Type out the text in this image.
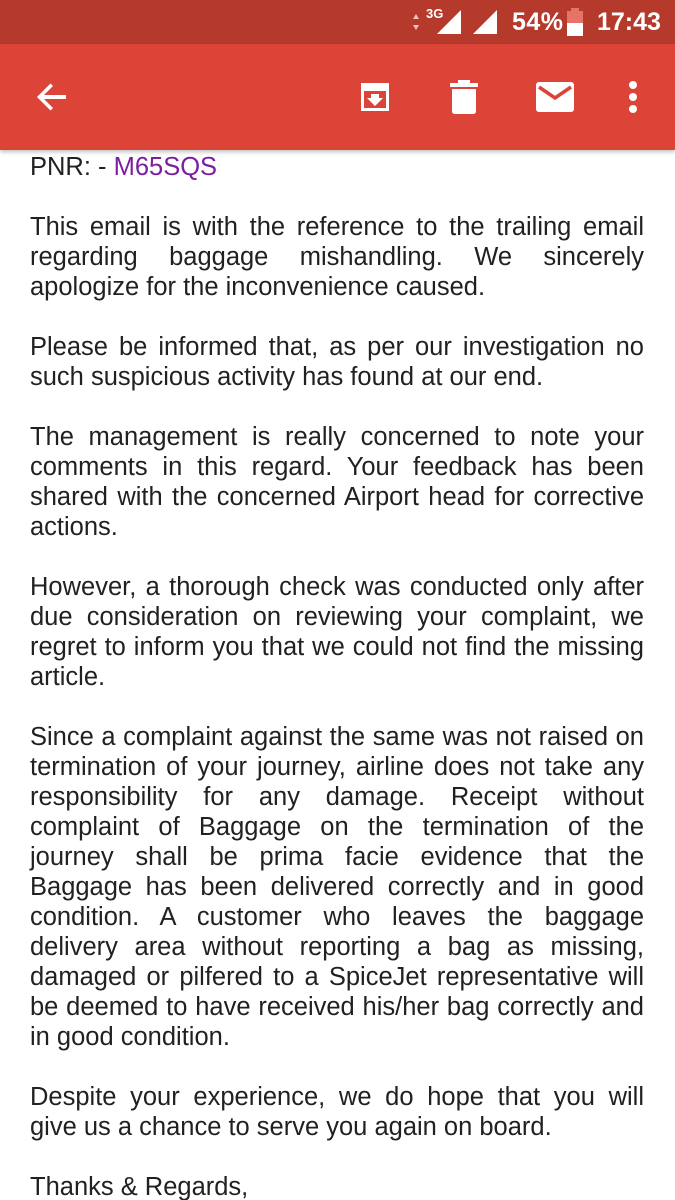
3G	54% 17:43

PNR: - M65SQS

This email is with the reference to the trailing email regarding baggage mishandling. We sincerely apologize for the inconvenience caused.

Please be informed that, as per our investigation no such suspicious activity has found at our end.

The management is really concerned to note your comments in this regard. Your feedback has been shared with the concerned Airport head for corrective actions.

However, a thorough check was conducted only after due consideration on reviewing your complaint, we regret to inform you that we could not find the missing article.

Since a complaint against the same was not raised on termination of your journey, airline does not take any responsibility for any damage. Receipt without complaint of Baggage on the termination of the journey shall be prima facie evidence that the Baggage has been delivered correctly and in good condition. A customer who leaves the baggage delivery area without reporting a bag as missing, damaged or pilfered to a SpiceJet representative will be deemed to have received his/her bag correctly and in good condition.

Despite your experience, we do hope that you will give us a chance to serve you again on board.

Thanks & Regards,
